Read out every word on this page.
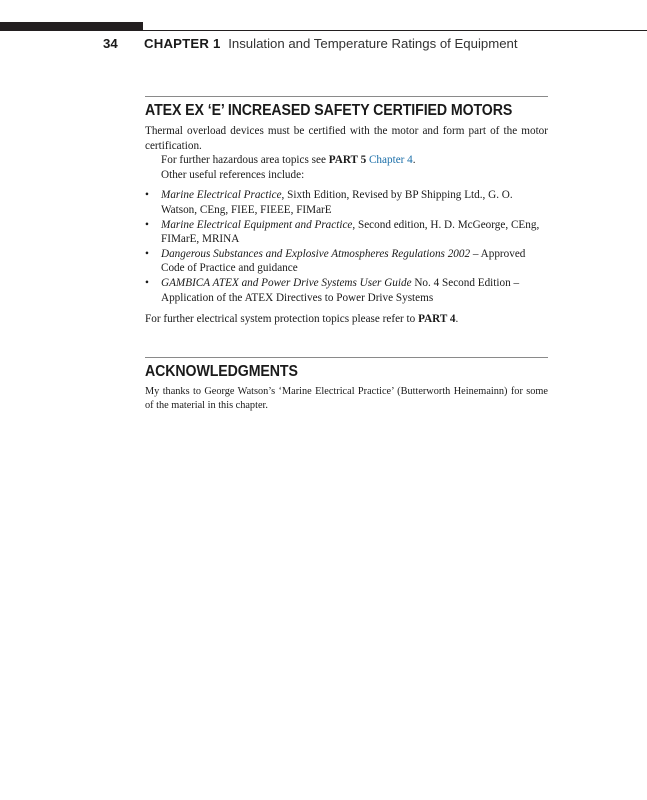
34 CHAPTER 1 Insulation and Temperature Ratings of Equipment
ATEX EX ‘E’ INCREASED SAFETY CERTIFIED MOTORS

Thermal overload devices must be certified with the motor and form part of the motor certification.

For further hazardous area topics see PART 5 Chapter 4.

Other useful references include:

• Marine Electrical Practice, Sixth Edition, Revised by BP Shipping Ltd., G. O. Watson, CEng, FIEE, FIEEE, FIMarE
• Marine Electrical Equipment and Practice, Second edition, H. D. McGeorge, CEng, FIMarE, MRINA
• Dangerous Substances and Explosive Atmospheres Regulations 2002 – Approved Code of Practice and guidance
• GAMBICA ATEX and Power Drive Systems User Guide No. 4 Second Edition – Application of the ATEX Directives to Power Drive Systems

For further electrical system protection topics please refer to PART 4.

ACKNOWLEDGMENTS

My thanks to George Watson’s ‘Marine Electrical Practice’ (Butterworth Heinemainn) for some of the material in this chapter.
